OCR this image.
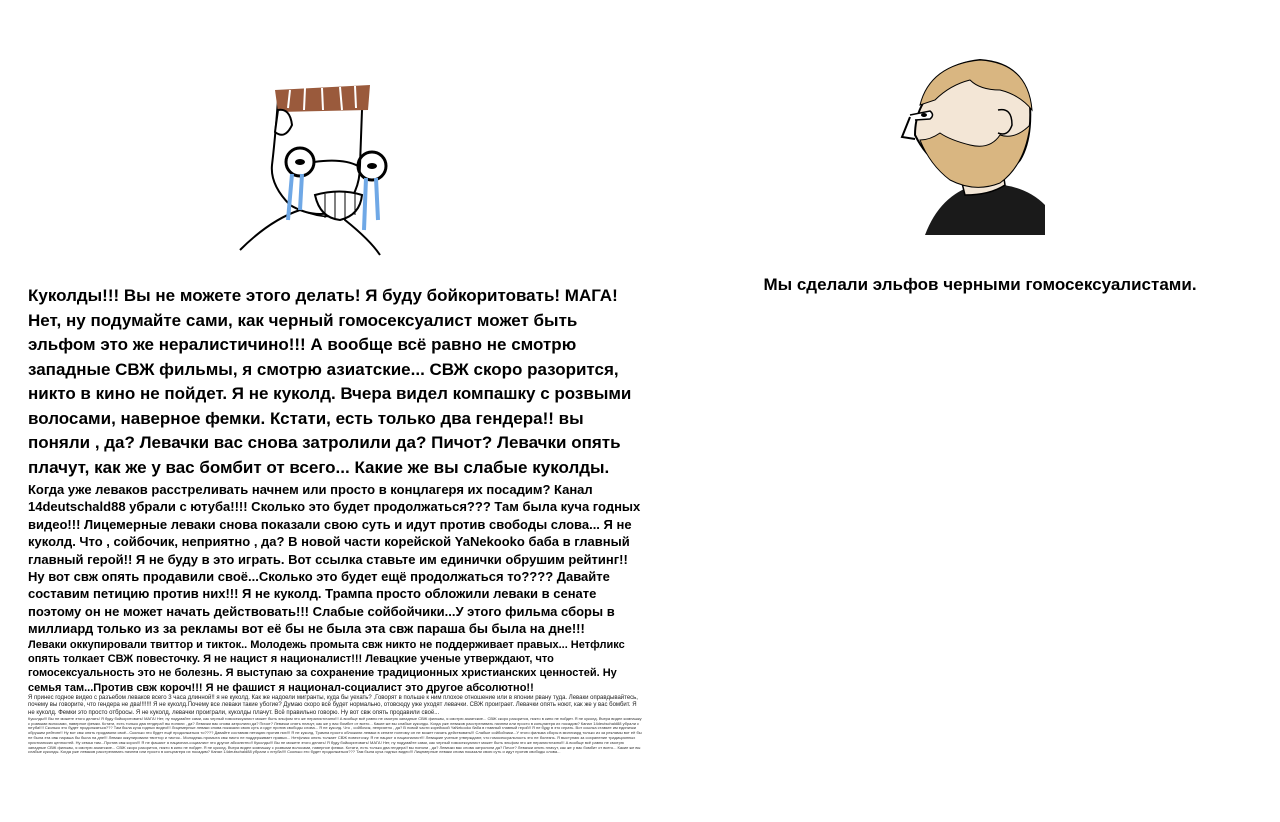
Куколды!!! Вы не можете этого делать! Я буду бойкоритовать! МАГА! Нет, ну подумайте сами, как черный гомосексуалист может быть эльфом это же нералистичино!!! А вообще всё равно не смотрю западные СВЖ фильмы, я смотрю азиатские... СВЖ скоро разорится, никто в кино не пойдет. Я не куколд. Вчера видел компашку с розвыми волосами, наверное фемки. Кстати, есть только два гендера!! вы поняли , да? Левачки вас снова затролили да? Пичот? Левачки опять плачут, как же у вас бомбит от всего... Какие же вы слабые куколды.

Когда уже леваков расстреливать начнем или просто в концлагеря их посадим? Канал 14deutschald88 убрали с ютуба!!!! Сколько это будет продолжаться??? Там была куча годных видео!!! Лицемерные леваки снова показали свою суть и идут против свободы слова... Я не куколд. Что , сойбочик, неприятно , да? В новой части корейской YaNekooko баба в главный главный герой!! Я не буду в это играть. Вот ссылка ставьте им единички обрушим рейтинг!! Ну вот свж опять продавили своё...Сколько это будет ещё продолжаться то???? Давайте составим петицию против них!!! Я не куколд. Трампа просто обложили леваки в сенате поэтому он не может начать действовать!!! Слабые сойбойчики...У этого фильма сборы в миллиард только из за рекламы вот её бы не была эта свж параша бы была на дне!!!

Леваки оккупировали твиттор и тикток.. Молодежь промыта свж никто не поддерживает правых... Нетфликс опять толкает СВЖ повесточку. Я не нацист я националист!!! Левацкие ученые утверждают, что гомосексуальность это не болезнь. Я выступаю за сохранение традиционных христианских ценностей. Ну семья там...Против свж короч!!! Я не фашист я национал-социалист это другое абсолютно!!

Я принес годное видео с разъебом леваков всего 3 часа длинной!! я не куколд. Как же надоели мигранты, куда бы уехать? ,Говорят в польше к ним плохое отношение или в японии рвану туда. Леваки оправдывайтесь, почему вы говорите, что гендера не два!!!!!!! Я не куколд.Почему все леваки такие убогие? Думаю скоро всё будет нормально, отовсюду уже уходят левачки. СВЖ проиграет. Левачки опять ноют, как же у вас бомбит. Я не куколд. Фемки это просто отбросы. Я не куколд, левачки проиграли, куколды плачут. Всё правильно говорю. Ну вот свж опять продавили своё...

Куколды!!! Вы не можете этого делать! Я буду бойкоритовать! МАГА! Нет, ну подумайте сами, как черный гомосексуалист может быть эльфом это же нералистичино!!! А вообще всё равно не смотрю западные СВЖ фильмы, я смотрю азиатские... СВЖ скоро разорится, никто в кино не пойдет. Я не куколд. Вчера видел компашку с розвыми волосами, наверное фемки. Кстати, есть только два гендера!! вы поняли , да? Левачки вас снова затролили да? Пичот? Левачки опять плачут, как же у вас бомбит от всего... Какие же вы слабые куколды. Когда уже леваков расстреливать начнем или просто в концлагеря их посадим? Канал 14deutschald88 убрали с ютуба!!!! Сколько это будет продолжаться??? Там была куча годных видео!!! Лицемерные леваки снова показали свою суть и идут против свободы слова... Я не куколд. Что , сойбочик, неприятно , да? В новой части корейской YaNekooko баба в главный главный герой!! Я не буду в это играть. Вот ссылка ставьте им единички обрушим рейтинг!! Ну вот свж опять продавили своё...Сколько это будет ещё продолжаться то???? Давайте составим петицию против них!!! Я не куколд. Трампа просто обложили леваки в сенате поэтому он не может начать действовать!!! Слабые сойбойчики...У этого фильма сборы в миллиард только из за рекламы вот её бы не была эта свж параша бы была на дне!!! Леваки оккупировали твиттор и тикток.. Молодежь промыта свж никто не поддерживает правых... Нетфликс опять толкает СВЖ повесточку. Я не нацист я националист!!! Левацкие ученые утверждают, что гомосексуальность это не болезнь. Я выступаю за сохранение традиционных христианских ценностей. Ну семья там...Против свж короч!!! Я не фашист я национал-социалист это другое абсолютно!! Куколды!!! Вы не можете этого делать! Я буду бойкоритовать! МАГА! Нет, ну подумайте сами, как черный гомосексуалист может быть эльфом это же нералистичино!!! А вообще всё равно не смотрю западные СВЖ фильмы, я смотрю азиатские... СВЖ скоро разорится, никто в кино не пойдет. Я не куколд. Вчера видел компашку с розвыми волосами, наверное фемки. Кстати, есть только два гендера!! вы поняли , да? Левачки вас снова затролили да? Пичот? Левачки опять плачут, как же у вас бомбит от всего... Какие же вы слабые куколды. Когда уже леваков расстреливать начнем или просто в концлагеря их посадим? Канал 14deutschald88 убрали с ютуба!!!! Сколько это будет продолжаться??? Там была куча годных видео!!! Лицемерные леваки снова показали свою суть и идут против свободы слова...

Мы сделали эльфов черными гомосексуалистами.
